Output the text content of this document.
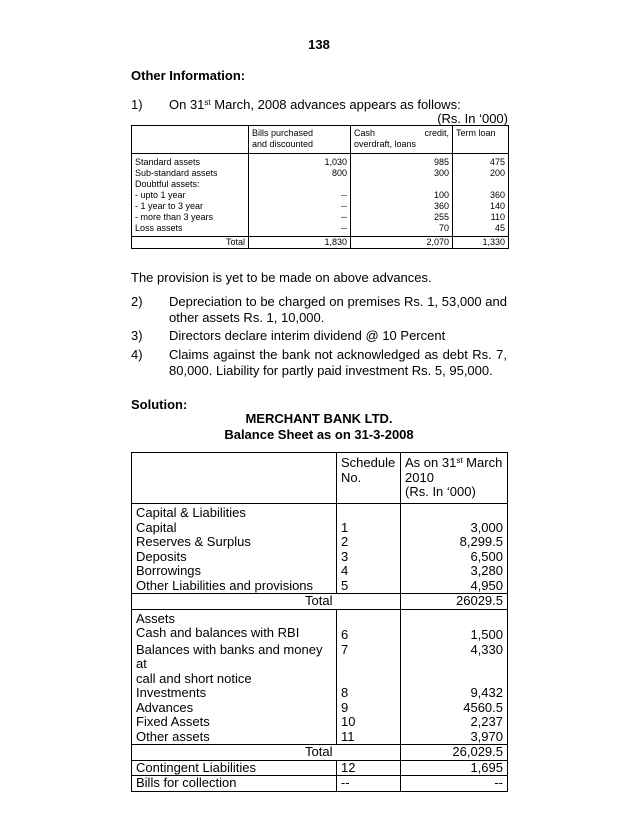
138
Other Information:
1) On 31st March, 2008 advances appears as follows:
(Rs. In ‘000)
	Bills purchased
and discounted	Cash credit,
overdraft, loans	Term loan
Standard assets	1,030	985	475
Sub-standard assets	800	300	200
Doubtful assets:			
- upto 1 year	--	100	360
- 1 year to 3 year	--	360	140
- more than 3 years	--	255	110
Loss assets	--	70	45
Total	1,830	2,070	1,330
The provision is yet to be made on above advances.
2) Depreciation to be charged on premises Rs. 1, 53,000 and
other assets Rs. 1, 10,000.
3) Directors declare interim dividend @ 10 Percent
4) Claims against the bank not acknowledged as debt Rs. 7,
80,000. Liability for partly paid investment Rs. 5, 95,000.
Solution:
MERCHANT BANK LTD.
Balance Sheet as on 31-3-2008
	Schedule
No.	As on 31st March
2010
(Rs. In ‘000)
Capital & Liabilities		
Capital	1	3,000
Reserves & Surplus	2	8,299.5
Deposits	3	6,500
Borrowings	4	3,280
Other Liabilities and provisions	5	4,950
Total		26029.5
Assets		
Cash and balances with RBI	6	1,500
Balances with banks and money at	7	4,330
call and short notice		
Investments	8	9,432
Advances	9	4560.5
Fixed Assets	10	2,237
Other assets	11	3,970
Total		26,029.5
Contingent Liabilities	12	1,695
Bills for collection	--	--
